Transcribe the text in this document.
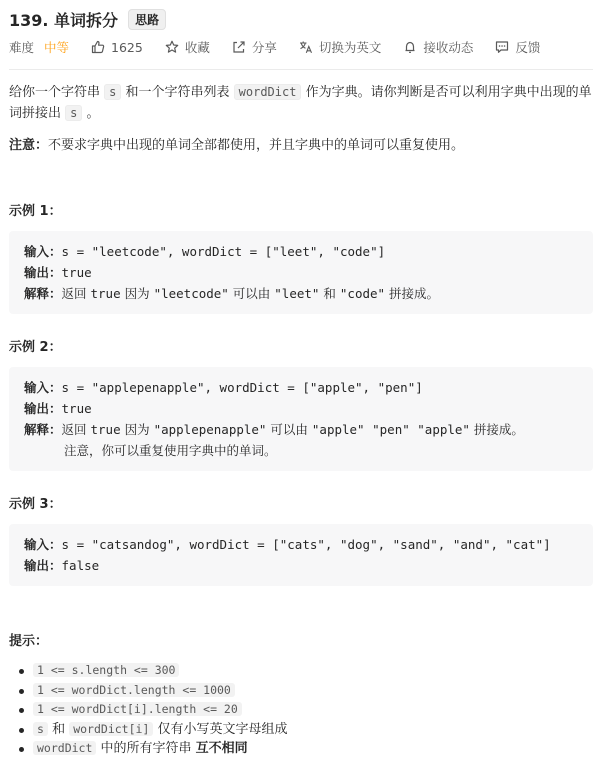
139. 单词拆分	思路
难度 中等	1625	收藏	分享	切换为英文	接收动态	反馈

给你一个字符串 s 和一个字符串列表 wordDict 作为字典。请你判断是否可以利用字典中出现的单词拼接出 s 。

注意：不要求字典中出现的单词全部都使用，并且字典中的单词可以重复使用。
示例 1：
输入：s = "leetcode", wordDict = ["leet", "code"]
输出：true
解释：返回 true 因为 "leetcode" 可以由 "leet" 和 "code" 拼接成。
示例 2：
输入：s = "applepenapple", wordDict = ["apple", "pen"]
输出：true
解释：返回 true 因为 "applepenapple" 可以由 "apple" "pen" "apple" 拼接成。
注意，你可以重复使用字典中的单词。
示例 3：
输入：s = "catsandog", wordDict = ["cats", "dog", "sand", "and", "cat"]
输出：false
提示：
1 <= s.length <= 300
1 <= wordDict.length <= 1000
1 <= wordDict[i].length <= 20
s 和 wordDict[i] 仅有小写英文字母组成
wordDict 中的所有字符串 互不相同
